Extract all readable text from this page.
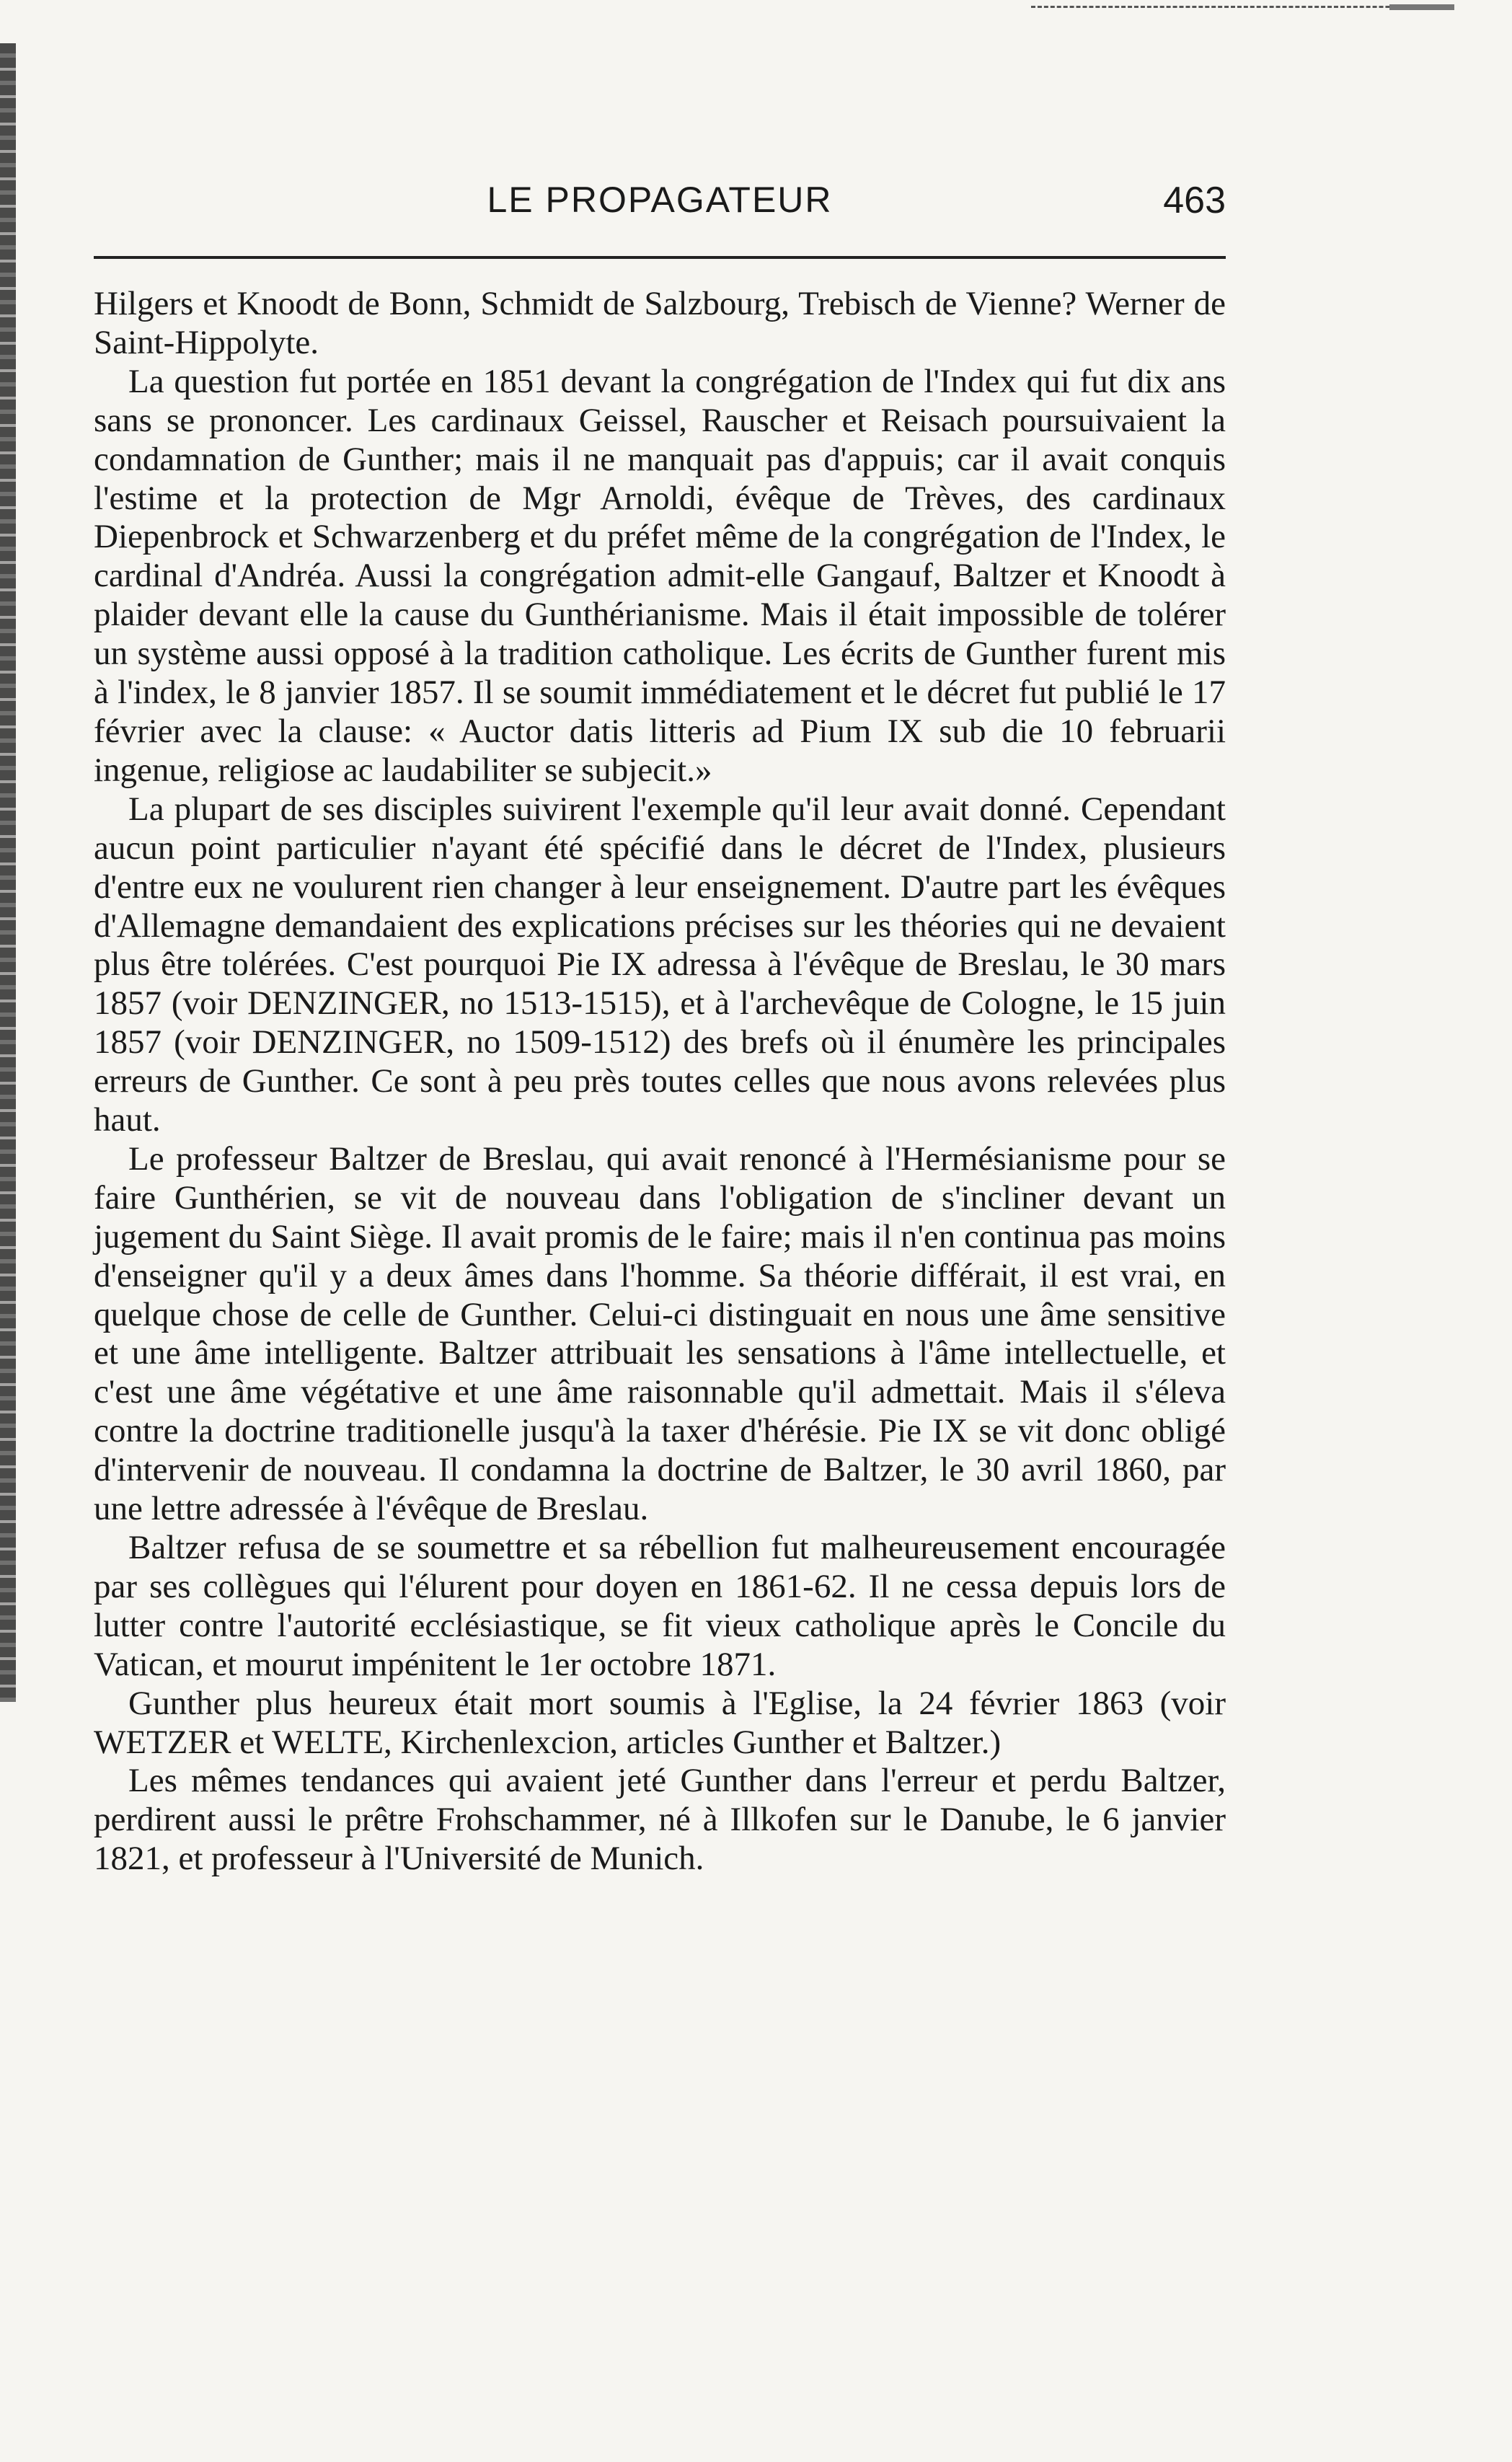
LE PROPAGATEUR	463

Hilgers et Knoodt de Bonn, Schmidt de Salzbourg, Trebisch de Vienne? Werner de Saint-Hippolyte.

La question fut portée en 1851 devant la congrégation de l'Index qui fut dix ans sans se prononcer. Les cardinaux Geissel, Rauscher et Reisach poursuivaient la condamnation de Gunther; mais il ne manquait pas d'appuis; car il avait conquis l'estime et la protection de Mgr Arnoldi, évêque de Trèves, des cardinaux Diepenbrock et Schwarzenberg et du préfet même de la congrégation de l'Index, le cardinal d'Andréa. Aussi la congrégation admit-elle Gangauf, Baltzer et Knoodt à plaider devant elle la cause du Gunthérianisme. Mais il était impossible de tolérer un système aussi opposé à la tradition catholique. Les écrits de Gunther furent mis à l'index, le 8 janvier 1857. Il se soumit immédiatement et le décret fut publié le 17 février avec la clause: « Auctor datis litteris ad Pium IX sub die 10 februarii ingenue, religiose ac laudabiliter se subjecit.»

La plupart de ses disciples suivirent l'exemple qu'il leur avait donné. Cependant aucun point particulier n'ayant été spécifié dans le décret de l'Index, plusieurs d'entre eux ne voulurent rien changer à leur enseignement. D'autre part les évêques d'Allemagne demandaient des explications précises sur les théories qui ne devaient plus être tolérées. C'est pourquoi Pie IX adressa à l'évêque de Breslau, le 30 mars 1857 (voir DENZINGER, no 1513-1515), et à l'archevêque de Cologne, le 15 juin 1857 (voir DENZINGER, no 1509-1512) des brefs où il énumère les principales erreurs de Gunther. Ce sont à peu près toutes celles que nous avons relevées plus haut.

Le professeur Baltzer de Breslau, qui avait renoncé à l'Hermésianisme pour se faire Gunthérien, se vit de nouveau dans l'obligation de s'incliner devant un jugement du Saint Siège. Il avait promis de le faire; mais il n'en continua pas moins d'enseigner qu'il y a deux âmes dans l'homme. Sa théorie différait, il est vrai, en quelque chose de celle de Gunther. Celui-ci distinguait en nous une âme sensitive et une âme intelligente. Baltzer attribuait les sensations à l'âme intellectuelle, et c'est une âme végétative et une âme raisonnable qu'il admettait. Mais il s'éleva contre la doctrine traditionelle jusqu'à la taxer d'hérésie. Pie IX se vit donc obligé d'intervenir de nouveau. Il condamna la doctrine de Baltzer, le 30 avril 1860, par une lettre adressée à l'évêque de Breslau.

Baltzer refusa de se soumettre et sa rébellion fut malheureusement encouragée par ses collègues qui l'élurent pour doyen en 1861-62. Il ne cessa depuis lors de lutter contre l'autorité ecclésiastique, se fit vieux catholique après le Concile du Vatican, et mourut impénitent le 1er octobre 1871.

Gunther plus heureux était mort soumis à l'Eglise, la 24 février 1863 (voir WETZER et WELTE, Kirchenlexcion, articles Gunther et Baltzer.)

Les mêmes tendances qui avaient jeté Gunther dans l'erreur et perdu Baltzer, perdirent aussi le prêtre Frohschammer, né à Illkofen sur le Danube, le 6 janvier 1821, et professeur à l'Université de Munich.
